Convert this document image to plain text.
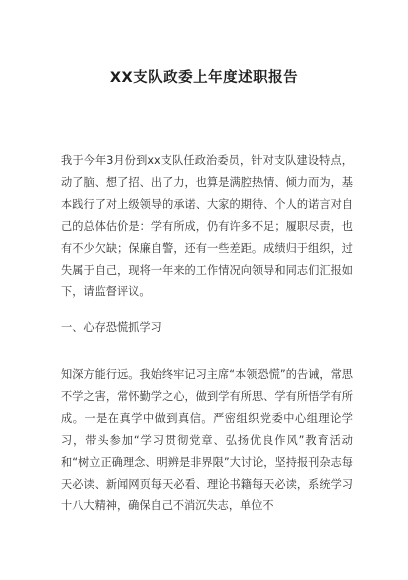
XX支队政委上年度述职报告

我于今年3月份到xx支队任政治委员，针对支队建设特点，动了脑、想了招、出了力，也算是满腔热情、倾力而为，基本践行了对上级领导的承诺、大家的期待、个人的诺言对自己的总体估价是：学有所成，仍有许多不足；履职尽责，也有不少欠缺；保廉自警，还有一些差距。成绩归于组织，过失属于自己，现将一年来的工作情况向领导和同志们汇报如下，请监督评议。

一、心存恐慌抓学习

知深方能行远。我始终牢记习主席“本领恐慌”的告诫，常思不学之害，常怀勤学之心，做到学有所思、学有所悟学有所成。一是在真学中做到真信。严密组织党委中心组理论学习，带头参加“学习贯彻党章、弘扬优良作风”教育活动和“树立正确理念、明辨是非界限”大讨论，坚持报刊杂志每天必读、新闻网页每天必看、理论书籍每天必读，系统学习十八大精神，确保自己不消沉失志，单位不
